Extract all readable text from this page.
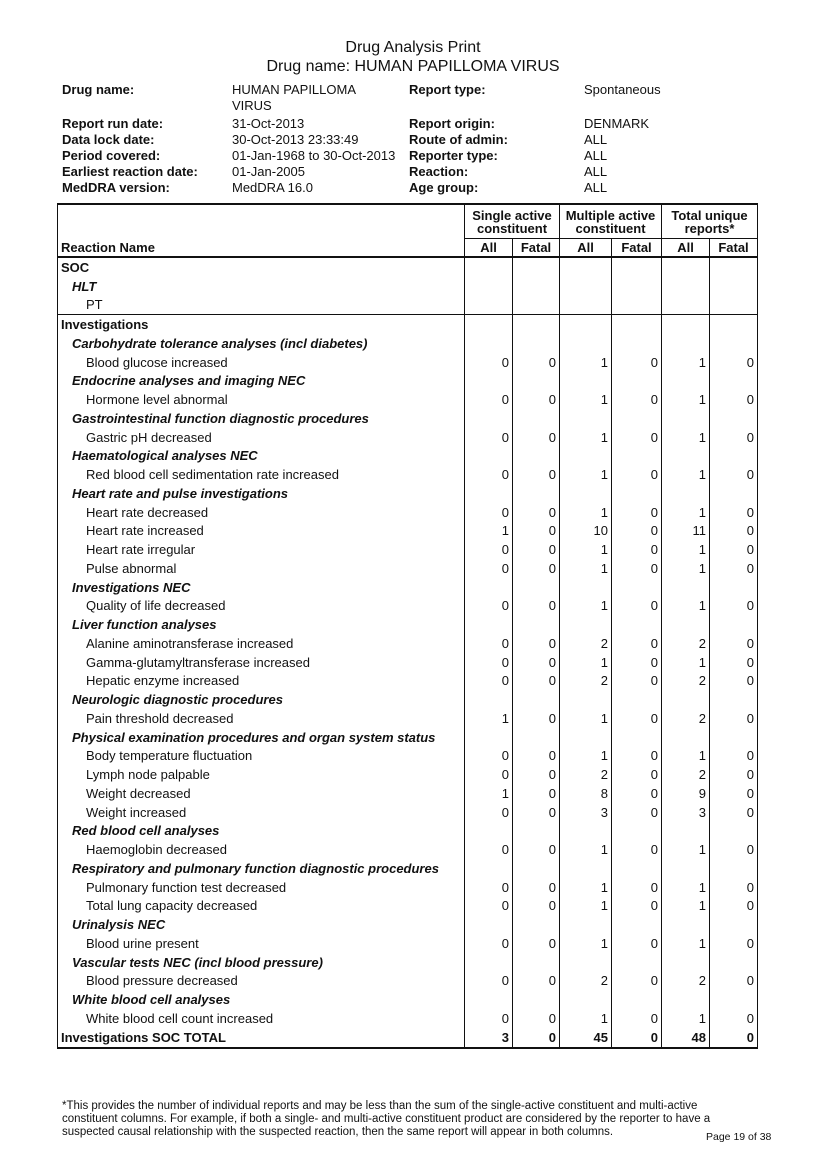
Drug Analysis Print
Drug name: HUMAN PAPILLOMA VIRUS
Drug name:	HUMAN PAPILLOMA VIRUS
Report run date:	31-Oct-2013
Data lock date:	30-Oct-2013 23:33:49
Period covered:	01-Jan-1968 to 30-Oct-2013
Earliest reaction date:	01-Jan-2005
MedDRA version:	MedDRA 16.0
Report type:	Spontaneous
Report origin:	DENMARK
Route of admin:	ALL
Reporter type:	ALL
Reaction:	ALL
Age group:	ALL
Reaction Name	Single active constituent		Multiple active constituent		Total unique reports*	
	All	Fatal	All	Fatal	All	Fatal
SOC						
HLT						
PT						
Investigations						
Carbohydrate tolerance analyses (incl diabetes)						
Blood glucose increased	0	0	1	0	1	0
Endocrine analyses and imaging NEC						
Hormone level abnormal	0	0	1	0	1	0
Gastrointestinal function diagnostic procedures						
Gastric pH decreased	0	0	1	0	1	0
Haematological analyses NEC						
Red blood cell sedimentation rate increased	0	0	1	0	1	0
Heart rate and pulse investigations						
Heart rate decreased	0	0	1	0	1	0
Heart rate increased	1	0	10	0	11	0
Heart rate irregular	0	0	1	0	1	0
Pulse abnormal	0	0	1	0	1	0
Investigations NEC						
Quality of life decreased	0	0	1	0	1	0
Liver function analyses						
Alanine aminotransferase increased	0	0	2	0	2	0
Gamma-glutamyltransferase increased	0	0	1	0	1	0
Hepatic enzyme increased	0	0	2	0	2	0
Neurologic diagnostic procedures						
Pain threshold decreased	1	0	1	0	2	0
Physical examination procedures and organ system status						
Body temperature fluctuation	0	0	1	0	1	0
Lymph node palpable	0	0	2	0	2	0
Weight decreased	1	0	8	0	9	0
Weight increased	0	0	3	0	3	0
Red blood cell analyses						
Haemoglobin decreased	0	0	1	0	1	0
Respiratory and pulmonary function diagnostic procedures						
Pulmonary function test decreased	0	0	1	0	1	0
Total lung capacity decreased	0	0	1	0	1	0
Urinalysis NEC						
Blood urine present	0	0	1	0	1	0
Vascular tests NEC (incl blood pressure)						
Blood pressure decreased	0	0	2	0	2	0
White blood cell analyses						
White blood cell count increased	0	0	1	0	1	0
Investigations SOC TOTAL	3	0	45	0	48	0
*This provides the number of individual reports and may be less than the sum of the single-active constituent and multi-active constituent columns. For example, if both a single- and multi-active constituent product are considered by the reporter to have a suspected causal relationship with the suspected reaction, then the same report will appear in both columns.	Page 19 of 38
